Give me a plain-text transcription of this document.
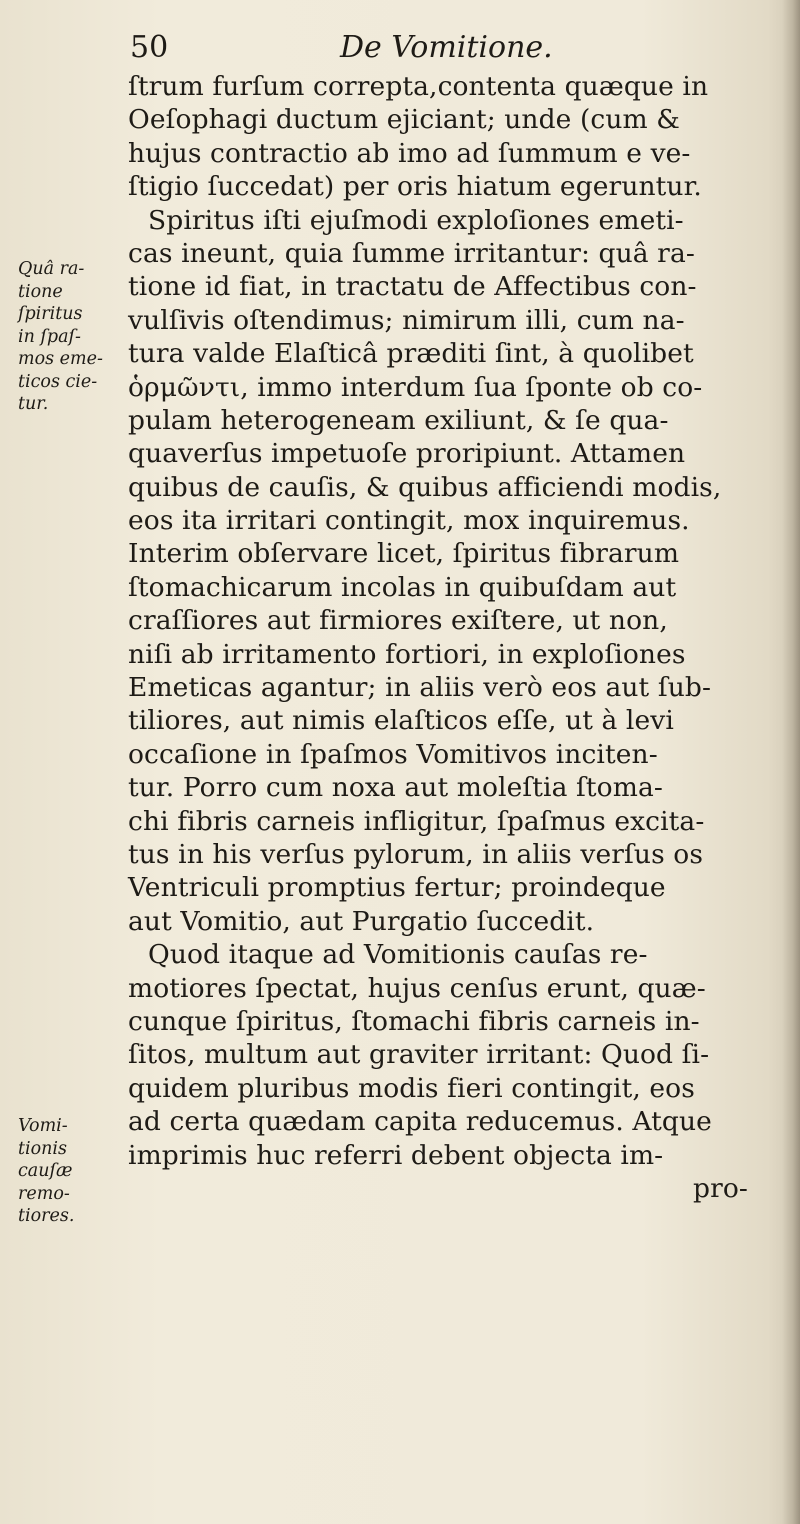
50	De Vomitione.
Quâ ra-
tione
ſpiritus
in ſpaſ-
mos eme-
ticos cie-
tur.
Vomi-
tionis
cauſæ
remo-
tiores.
ſtrum furſum correpta,contenta quæque in
Oeſophagi ductum ejiciant; unde (cum &
hujus contractio ab imo ad ſummum e ve-
ſtigio ſuccedat) per oris hiatum egeruntur.
Spiritus iſti ejuſmodi exploſiones emeti-
cas ineunt, quia ſumme irritantur: quâ ra-
tione id fiat, in tractatu de Affectibus con-
vulſivis oſtendimus; nimirum illi, cum na-
tura valde Elaſticâ præditi ſint, à quolibet
ὁρμῶντι, immo interdum ſua ſponte ob co-
pulam heterogeneam exiliunt, & ſe qua-
quaverſus impetuoſe proripiunt. Attamen
quibus de cauſis, & quibus afficiendi modis,
eos ita irritari contingit, mox inquiremus.
Interim obſervare licet, ſpiritus fibrarum
ſtomachicarum incolas in quibuſdam aut
craſſiores aut firmiores exiſtere, ut non,
niſi ab irritamento fortiori, in exploſiones
Emeticas agantur; in aliis verò eos aut ſub-
tiliores, aut nimis elaſticos eſſe, ut à levi
occaſione in ſpaſmos Vomitivos inciten-
tur. Porro cum noxa aut moleſtia ſtoma-
chi fibris carneis infligitur, ſpaſmus excita-
tus in his verſus pylorum, in aliis verſus os
Ventriculi promptius fertur; proindeque
aut Vomitio, aut Purgatio ſuccedit.
Quod itaque ad Vomitionis cauſas re-
motiores ſpectat, hujus cenſus erunt, quæ-
cunque ſpiritus, ſtomachi fibris carneis in-
ſitos, multum aut graviter irritant: Quod ſi-
quidem pluribus modis fieri contingit, eos
ad certa quædam capita reducemus. Atque
imprimis huc referri debent objecta im-
pro-
